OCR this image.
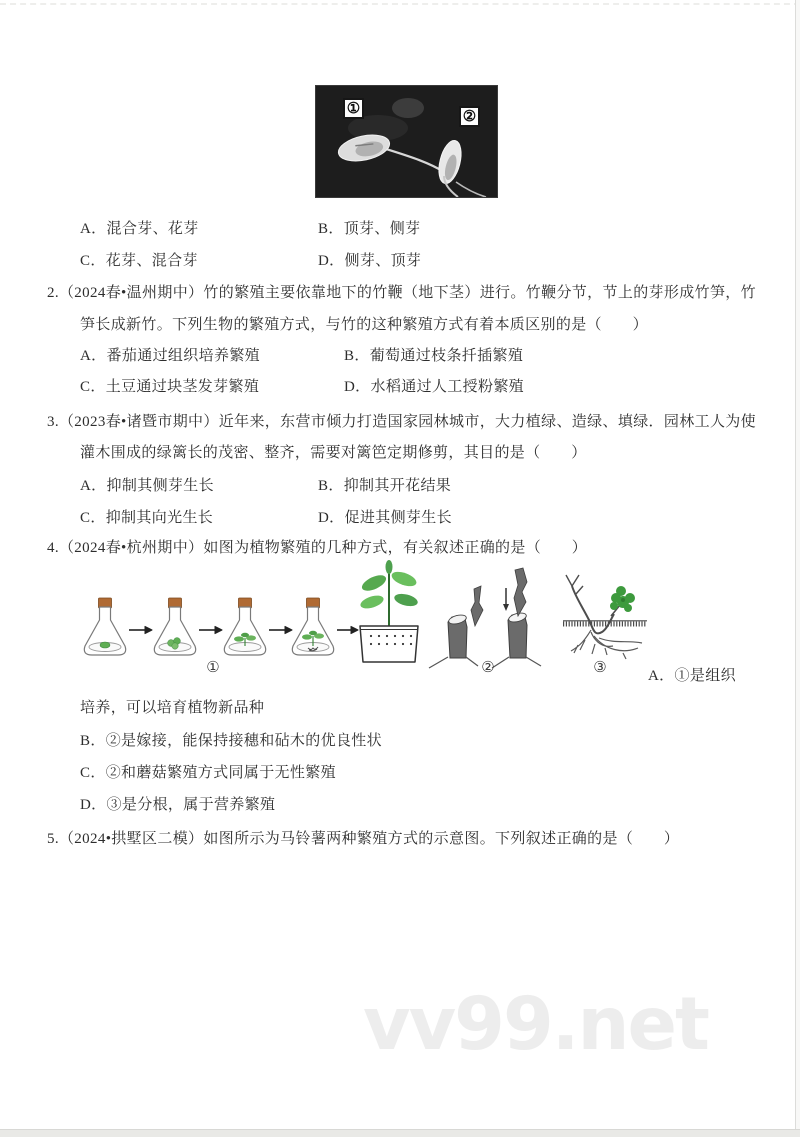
①	②
A．混合芽、花芽	B．顶芽、侧芽
C．花芽、混合芽	D．侧芽、顶芽
2.（2024春•温州期中）竹的繁殖主要依靠地下的竹鞭（地下茎）进行。竹鞭分节，节上的芽形成竹笋，竹
笋长成新竹。下列生物的繁殖方式，与竹的这种繁殖方式有着本质区别的是（　　）
A．番茄通过组织培养繁殖	B．葡萄通过枝条扦插繁殖
C．土豆通过块茎发芽繁殖	D．水稻通过人工授粉繁殖
3.（2023春•诸暨市期中）近年来，东营市倾力打造国家园林城市，大力植绿、造绿、填绿．园林工人为使
灌木围成的绿篱长的茂密、整齐，需要对篱笆定期修剪，其目的是（　　）
A．抑制其侧芽生长	B．抑制其开花结果
C．抑制其向光生长	D．促进其侧芽生长
4.（2024春•杭州期中）如图为植物繁殖的几种方式，有关叙述正确的是（　　）
①	②	③	A．①是组织
培养，可以培育植物新品种
B．②是嫁接，能保持接穗和砧木的优良性状
C．②和蘑菇繁殖方式同属于无性繁殖
D．③是分根，属于营养繁殖
5.（2024•拱墅区二模）如图所示为马铃薯两种繁殖方式的示意图。下列叙述正确的是（　　）
vv99.net
